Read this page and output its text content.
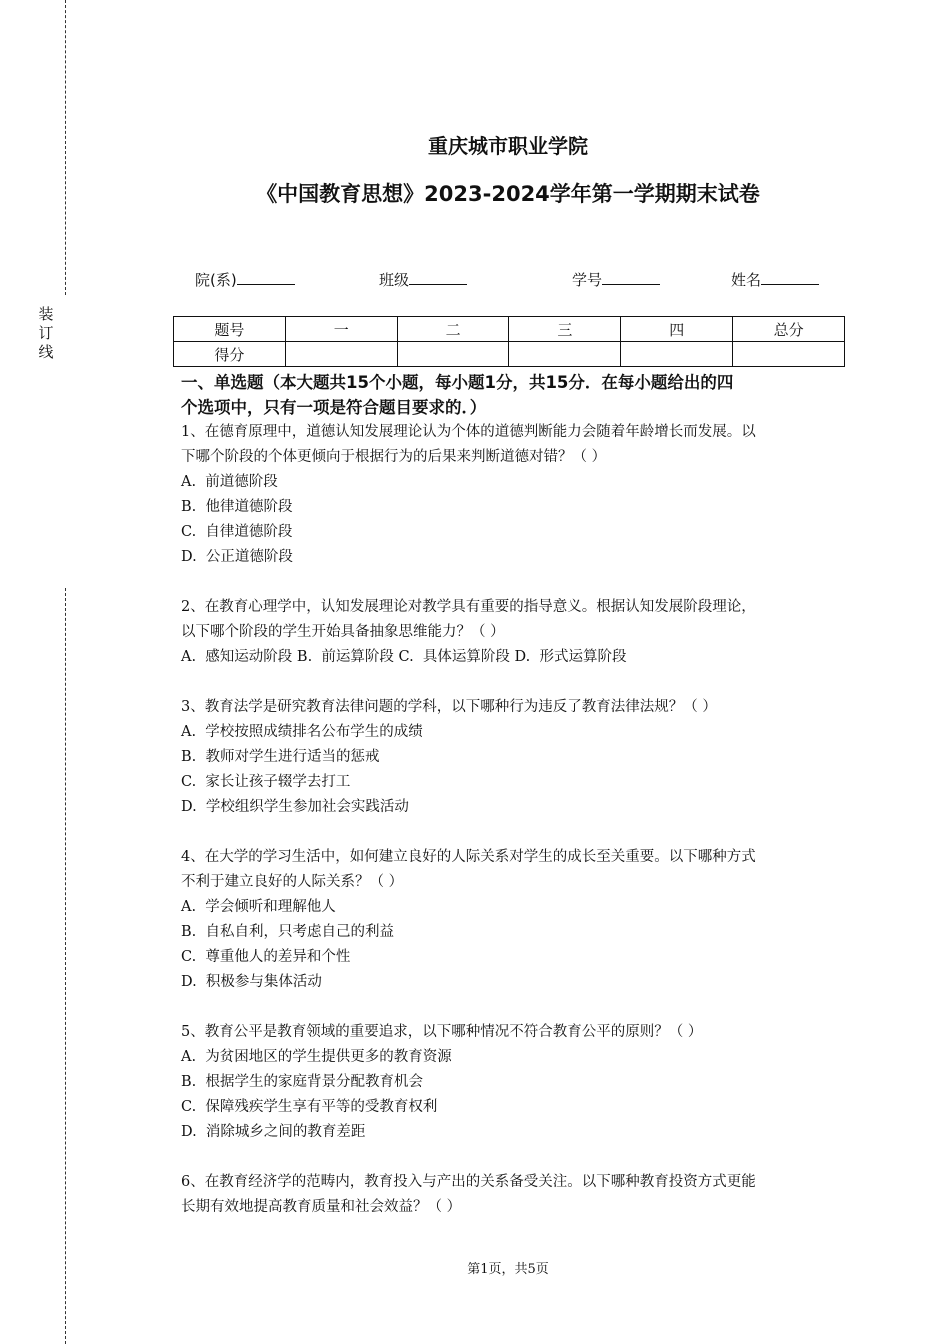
装
订
线
重庆城市职业学院
《中国教育思想》2023-2024学年第一学期期末试卷
院(系)	班级	学号	姓名
题号	一	二	三	四	总分
得分					

一、单选题（本大题共15个小题，每小题1分，共15分．在每小题给出的四

个选项中，只有一项是符合题目要求的．）

1、在德育原理中，道德认知发展理论认为个体的道德判断能力会随着年龄增长而发展。以

下哪个阶段的个体更倾向于根据行为的后果来判断道德对错？（ ）

A.  前道德阶段

B.  他律道德阶段

C.  自律道德阶段

D.  公正道德阶段

2、在教育心理学中，认知发展理论对教学具有重要的指导意义。根据认知发展阶段理论，

以下哪个阶段的学生开始具备抽象思维能力？（ ）

A.  感知运动阶段 B.  前运算阶段 C.  具体运算阶段 D.  形式运算阶段

3、教育法学是研究教育法律问题的学科，以下哪种行为违反了教育法律法规？（ ）

A.  学校按照成绩排名公布学生的成绩

B.  教师对学生进行适当的惩戒

C.  家长让孩子辍学去打工

D.  学校组织学生参加社会实践活动

4、在大学的学习生活中，如何建立良好的人际关系对学生的成长至关重要。以下哪种方式

不利于建立良好的人际关系？（ ）

A.  学会倾听和理解他人

B.  自私自利，只考虑自己的利益

C.  尊重他人的差异和个性

D.  积极参与集体活动

5、教育公平是教育领域的重要追求，以下哪种情况不符合教育公平的原则？（ ）

A.  为贫困地区的学生提供更多的教育资源

B.  根据学生的家庭背景分配教育机会

C.  保障残疾学生享有平等的受教育权利

D.  消除城乡之间的教育差距

6、在教育经济学的范畴内，教育投入与产出的关系备受关注。以下哪种教育投资方式更能

长期有效地提高教育质量和社会效益？（ ）

第1页，共5页
